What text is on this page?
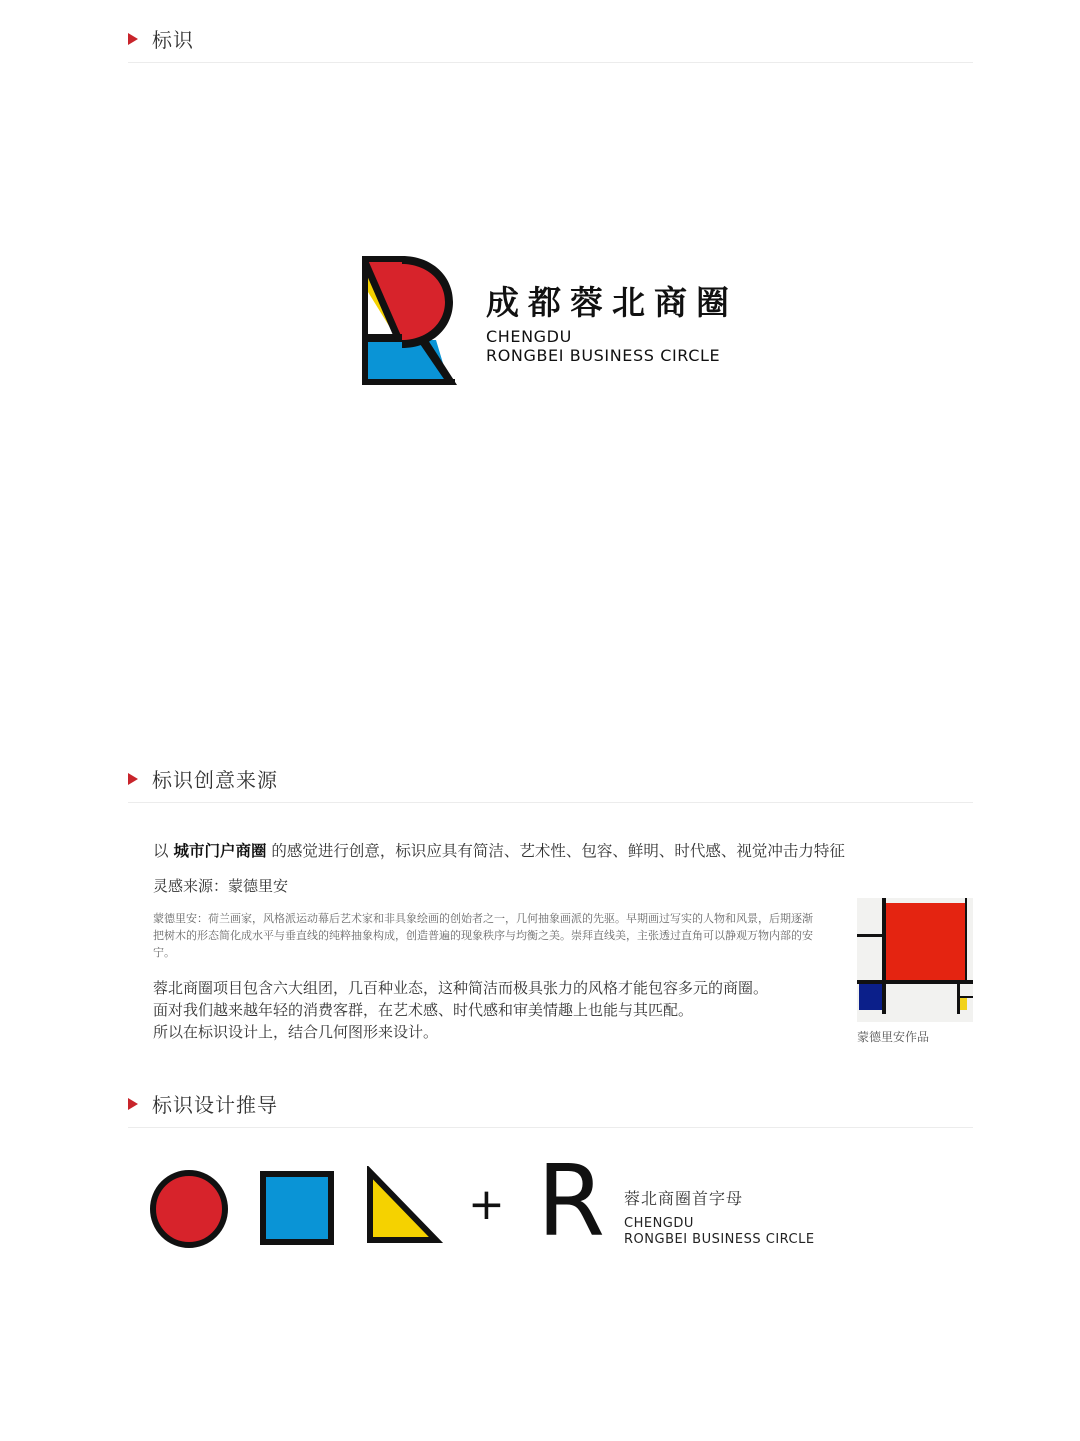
标识
成都蓉北商圈
CHENGDU
RONGBEI BUSINESS CIRCLE
标识创意来源
以 城市门户商圈 的感觉进行创意，标识应具有简洁、艺术性、包容、鲜明、时代感、视觉冲击力特征
灵感来源：蒙德里安
蒙德里安：荷兰画家，风格派运动幕后艺术家和非具象绘画的创始者之一，几何抽象画派的先驱。早期画过写实的人物和风景，后期逐渐把树木的形态简化成水平与垂直线的纯粹抽象构成，创造普遍的现象秩序与均衡之美。崇拜直线美，主张透过直角可以静观万物内部的安宁。
蓉北商圈项目包含六大组团，几百种业态，这种简洁而极具张力的风格才能包容多元的商圈。
面对我们越来越年轻的消费客群，在艺术感、时代感和审美情趣上也能与其匹配。
所以在标识设计上，结合几何图形来设计。	蒙德里安作品
标识设计推导
+ R 蓉北商圈首字母
CHENGDU
RONGBEI BUSINESS CIRCLE
